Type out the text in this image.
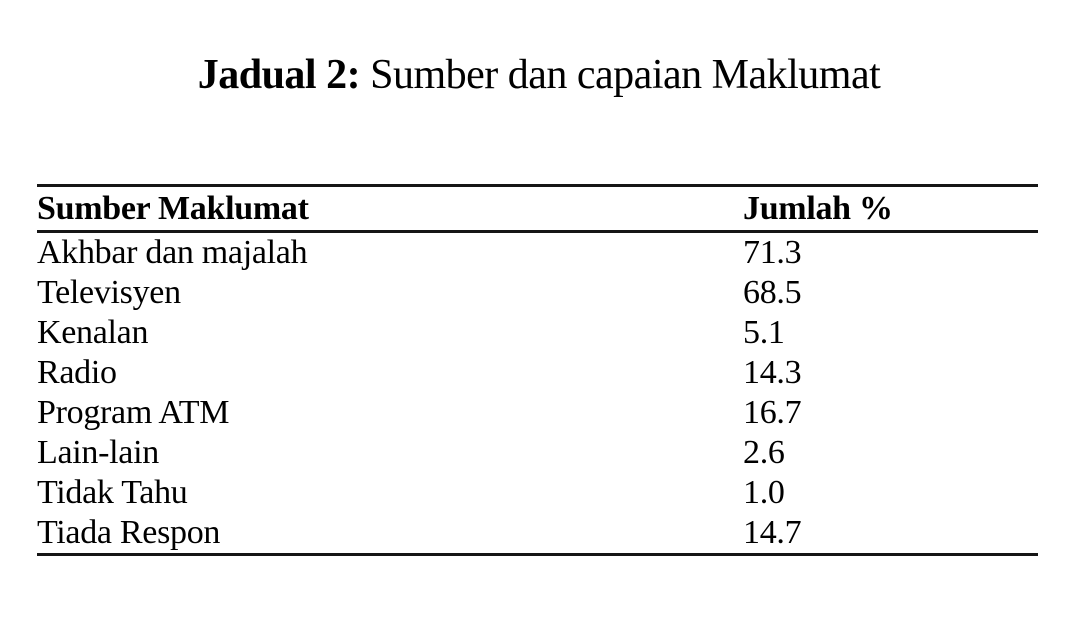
Jadual 2: Sumber dan capaian Maklumat
Sumber Maklumat	Jumlah %
Akhbar dan majalah	71.3
Televisyen	68.5
Kenalan	5.1
Radio	14.3
Program ATM	16.7
Lain-lain	2.6
Tidak Tahu	1.0
Tiada Respon	14.7
